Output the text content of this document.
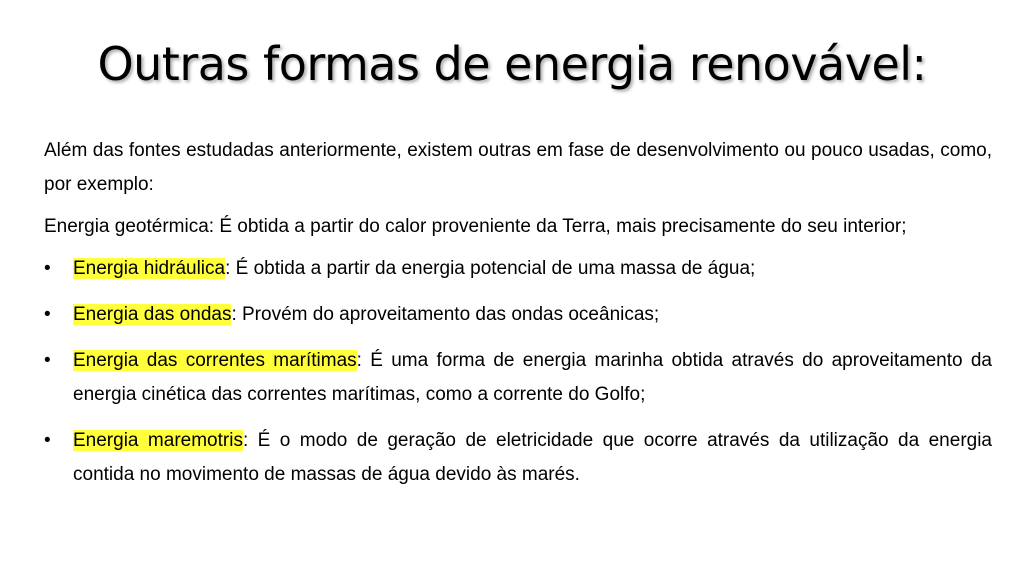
Outras formas de energia renovável:

Além das fontes estudadas anteriormente, existem outras em fase de desenvolvimento ou pouco usadas, como, por exemplo:

Energia geotérmica: É obtida a partir do calor proveniente da Terra, mais precisamente do seu interior;

• Energia hidráulica: É obtida a partir da energia potencial de uma massa de água;
• Energia das ondas: Provém do aproveitamento das ondas oceânicas;
• Energia das correntes marítimas: É uma forma de energia marinha obtida através do aproveitamento da energia cinética das correntes marítimas, como a corrente do Golfo;
• Energia maremotris: É o modo de geração de eletricidade que ocorre através da utilização da energia contida no movimento de massas de água devido às marés.
